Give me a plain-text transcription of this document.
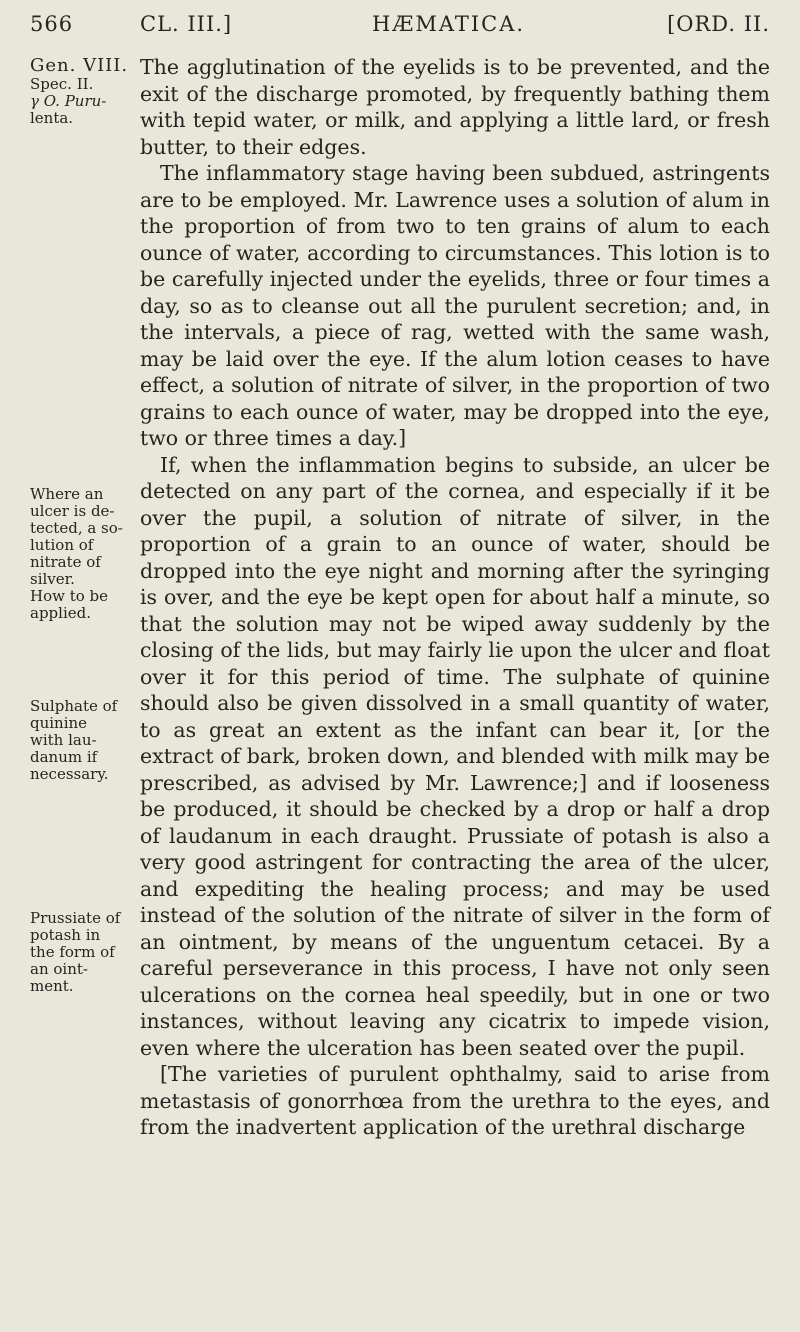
566	CL. III.]	HÆMATICA.	[ORD. II.
Gen. VIII.
Spec. II.
γ O. Puru-
lenta.
Where an
ulcer is de-
tected, a so-
lution of
nitrate of
silver.
How to be
applied.
Sulphate of
quinine
with lau-
danum if
necessary.
Prussiate of
potash in
the form of
an oint-
ment.

The agglutination of the eyelids is to be prevented, and the exit of the discharge promoted, by frequently bathing them with tepid water, or milk, and applying a little lard, or fresh butter, to their edges.

The inflammatory stage having been subdued, astringents are to be employed. Mr. Lawrence uses a solution of alum in the proportion of from two to ten grains of alum to each ounce of water, according to circumstances. This lotion is to be carefully injected under the eyelids, three or four times a day, so as to cleanse out all the purulent secretion; and, in the intervals, a piece of rag, wetted with the same wash, may be laid over the eye. If the alum lotion ceases to have effect, a solution of nitrate of silver, in the proportion of two grains to each ounce of water, may be dropped into the eye, two or three times a day.]

If, when the inflammation begins to subside, an ulcer be detected on any part of the cornea, and especially if it be over the pupil, a solution of nitrate of silver, in the proportion of a grain to an ounce of water, should be dropped into the eye night and morning after the syringing is over, and the eye be kept open for about half a minute, so that the solution may not be wiped away suddenly by the closing of the lids, but may fairly lie upon the ulcer and float over it for this period of time. The sulphate of quinine should also be given dissolved in a small quantity of water, to as great an extent as the infant can bear it, [or the extract of bark, broken down, and blended with milk may be prescribed, as advised by Mr. Lawrence;] and if looseness be produced, it should be checked by a drop or half a drop of laudanum in each draught. Prussiate of potash is also a very good astringent for contracting the area of the ulcer, and expediting the healing process; and may be used instead of the solution of the nitrate of silver in the form of an ointment, by means of the unguentum cetacei. By a careful perseverance in this process, I have not only seen ulcerations on the cornea heal speedily, but in one or two instances, without leaving any cicatrix to impede vision, even where the ulceration has been seated over the pupil.

[The varieties of purulent ophthalmy, said to arise from metastasis of gonorrhœa from the urethra to the eyes, and from the inadvertent application of the urethral discharge
